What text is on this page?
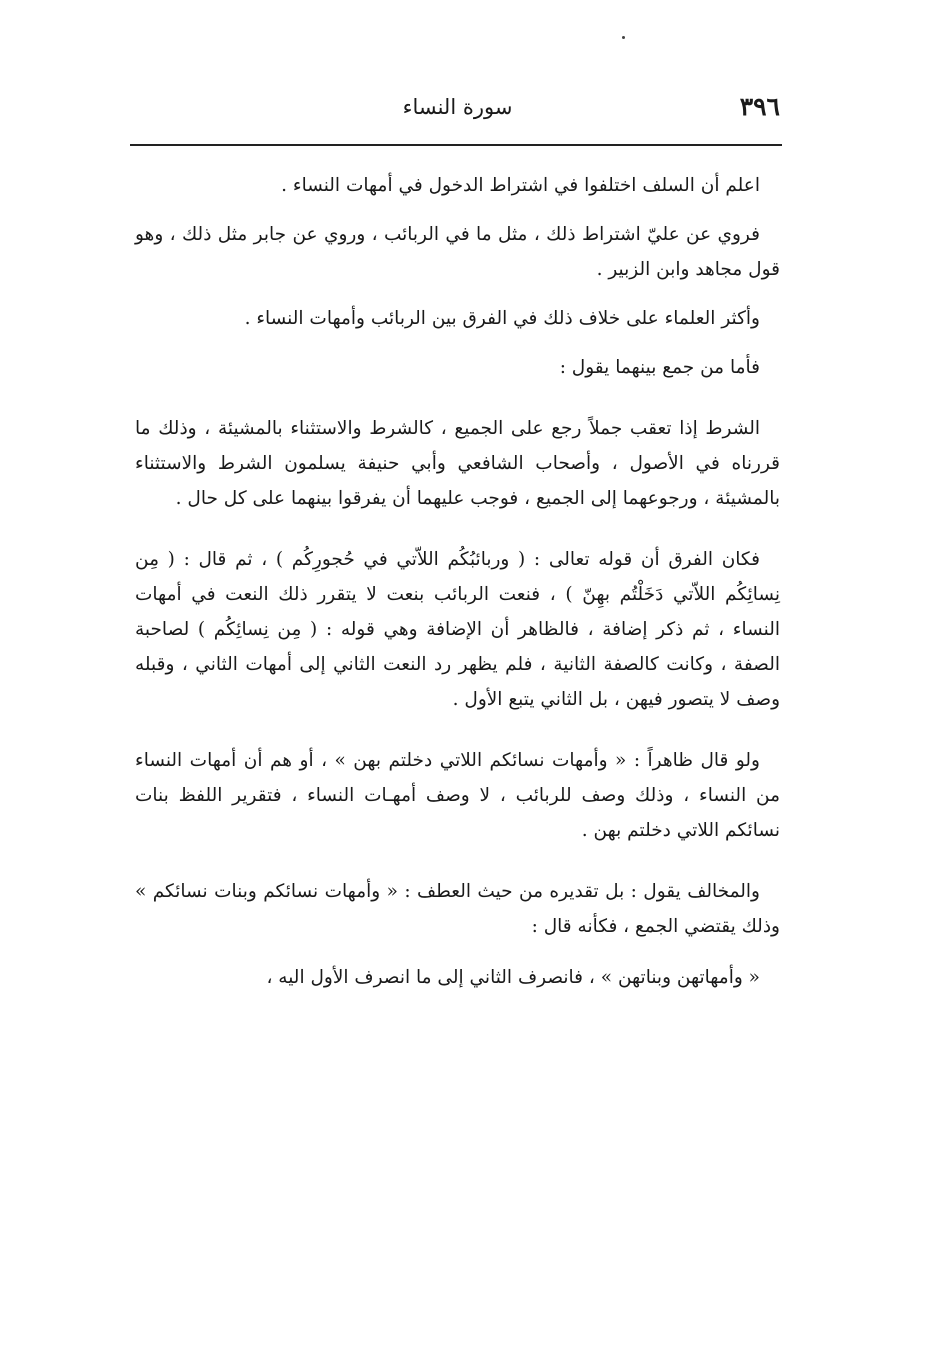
٣٩٦
سورة النساء

اعلم أن السلف اختلفوا في اشتراط الدخول في أمهات النساء .

فروي عن عليّ اشتراط ذلك ، مثل ما في الربائب ، وروي عن جابر مثل ذلك ، وهو قول مجاهد وابن الزبير .

وأكثر العلماء على خلاف ذلك في الفرق بين الربائب وأمهات النساء .

فأما من جمع بينهما يقول :

الشرط إذا تعقب جملاً رجع على الجميع ، كالشرط والاستثناء بالمشيئة ، وذلك ما قررناه في الأصول ، وأصحاب الشافعي وأبي حنيفة يسلمون الشرط والاستثناء بالمشيئة ، ورجوعهما إلى الجميع ، فوجب عليهما أن يفرقوا بينهما على كل حال .

فكان الفرق أن قوله تعالى : ( وربائبُكُم اللاّتي في حُجورِكُم ) ، ثم قال : ( مِن نِسائِكُم اللاّتي دَخَلْتُم بهِنّ ) ، فنعت الربائب بنعت لا يتقرر ذلك النعت في أمهات النساء ، ثم ذكر إضافة ، فالظاهر أن الإضافة وهي قوله : ( مِن نِسائِكُم ) لصاحبة الصفة ، وكانت كالصفة الثانية ، فلم يظهر رد النعت الثاني إلى أمهات الثاني ، وقبله وصف لا يتصور فيهن ، بل الثاني يتبع الأول .

ولو قال ظاهراً : « وأمهات نسائكم اللاتي دخلتم بهن » ، أو هم أن أمهات النساء من النساء ، وذلك وصف للربائب ، لا وصف أمهـات النساء ، فتقرير اللفظ بنات نسائكم اللاتي دخلتم بهن .

والمخالف يقول : بل تقديره من حيث العطف : « وأمهات نسائكم وبنات نسائكم » وذلك يقتضي الجمع ، فكأنه قال :

« وأمهاتهن وبناتهن » ، فانصرف الثاني إلى ما انصرف الأول اليه ،
